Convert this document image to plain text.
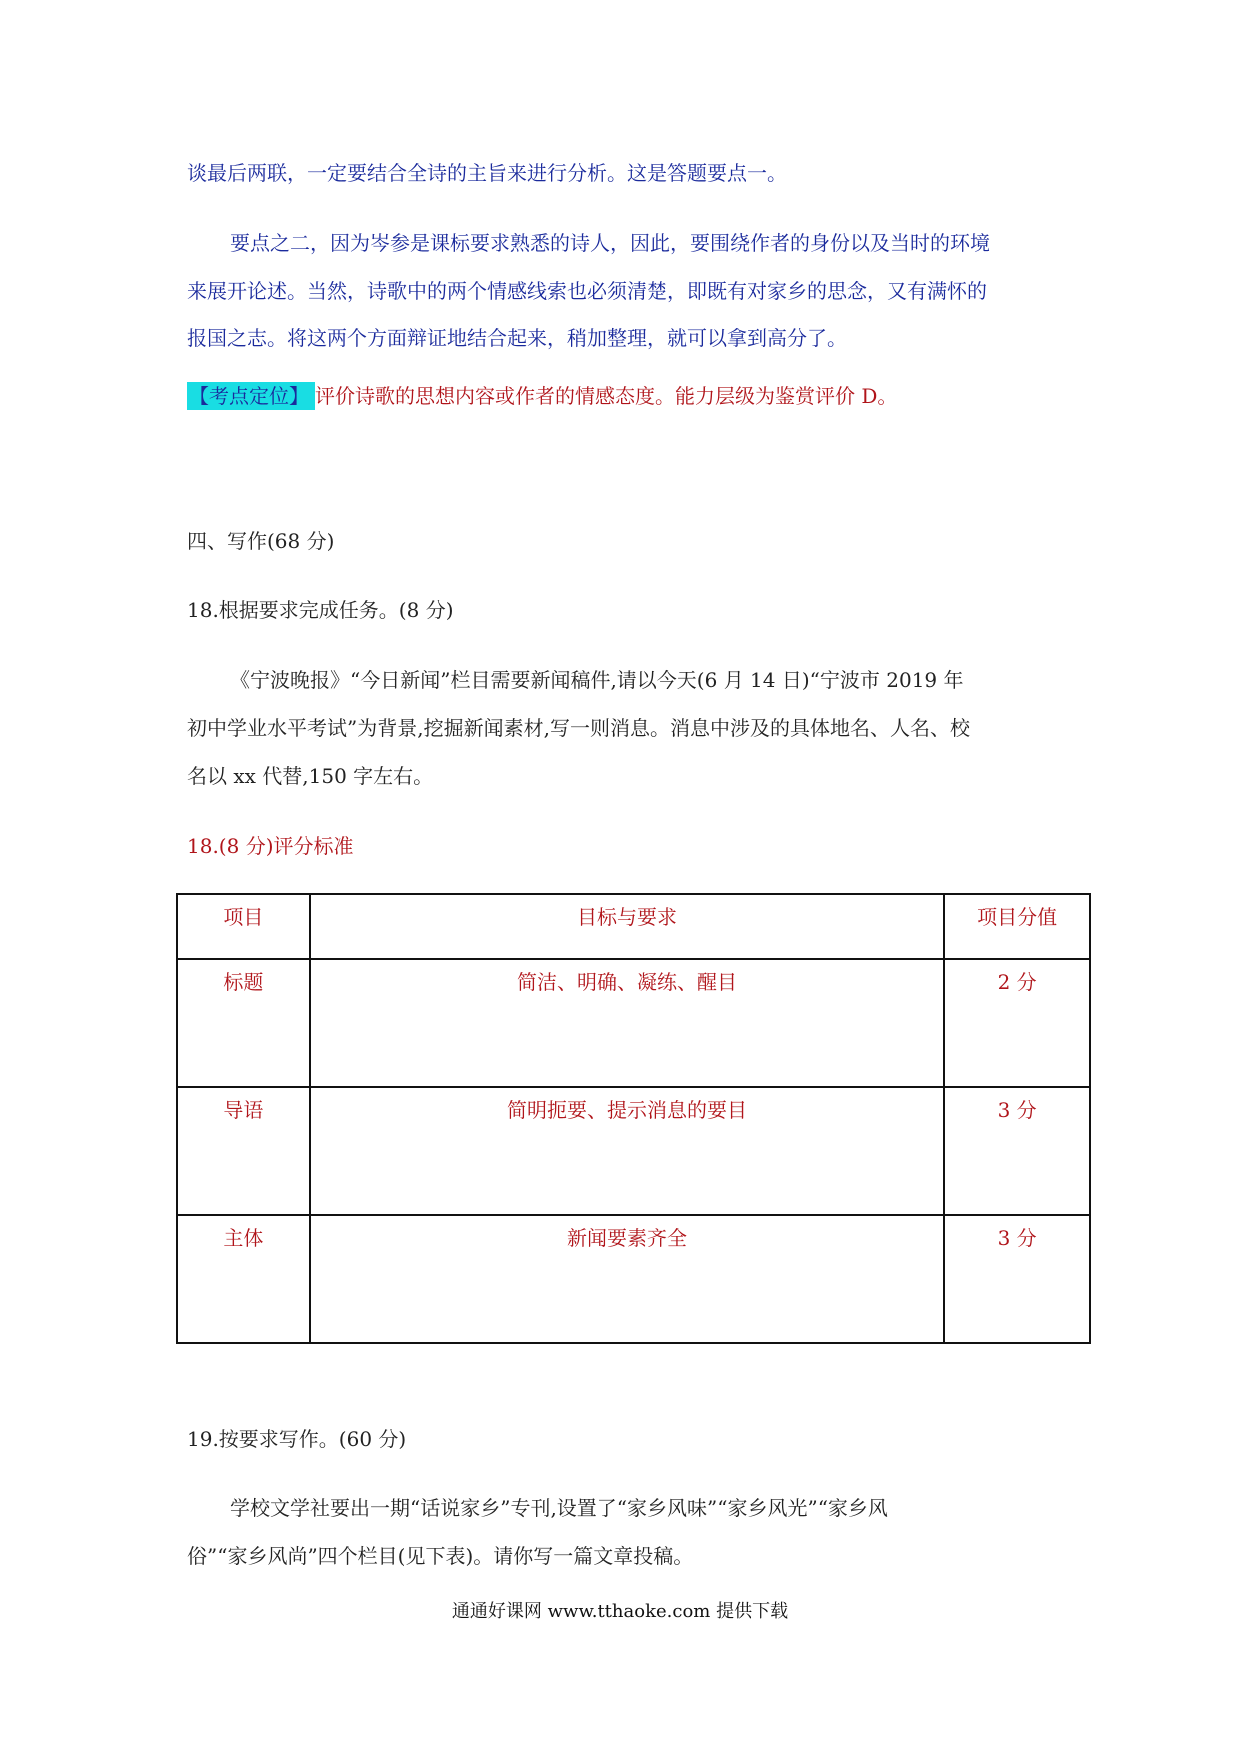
谈最后两联，一定要结合全诗的主旨来进行分析。这是答题要点一。
要点之二，因为岑参是课标要求熟悉的诗人，因此，要围绕作者的身份以及当时的环境
来展开论述。当然，诗歌中的两个情感线索也必须清楚，即既有对家乡的思念，又有满怀的
报国之志。将这两个方面辩证地结合起来，稍加整理，就可以拿到高分了。
【考点定位】 评价诗歌的思想内容或作者的情感态度。能力层级为鉴赏评价 D。
四、写作(68 分)
18.根据要求完成任务。(8 分)
《宁波晚报》“今日新闻”栏目需要新闻稿件,请以今天(6 月 14 日)“宁波市 2019 年
初中学业水平考试”为背景,挖掘新闻素材,写一则消息。消息中涉及的具体地名、人名、校
名以 xx 代替,150 字左右。
18.(8 分)评分标准
项目	目标与要求	项目分值
标题	简洁、明确、凝练、醒目	2 分
导语	简明扼要、提示消息的要目	3 分
主体	新闻要素齐全	3 分
19.按要求写作。(60 分)
学校文学社要出一期“话说家乡”专刊,设置了“家乡风味”“家乡风光”“家乡风
俗”“家乡风尚”四个栏目(见下表)。请你写一篇文章投稿。
通通好课网 www.tthaoke.com 提供下载
